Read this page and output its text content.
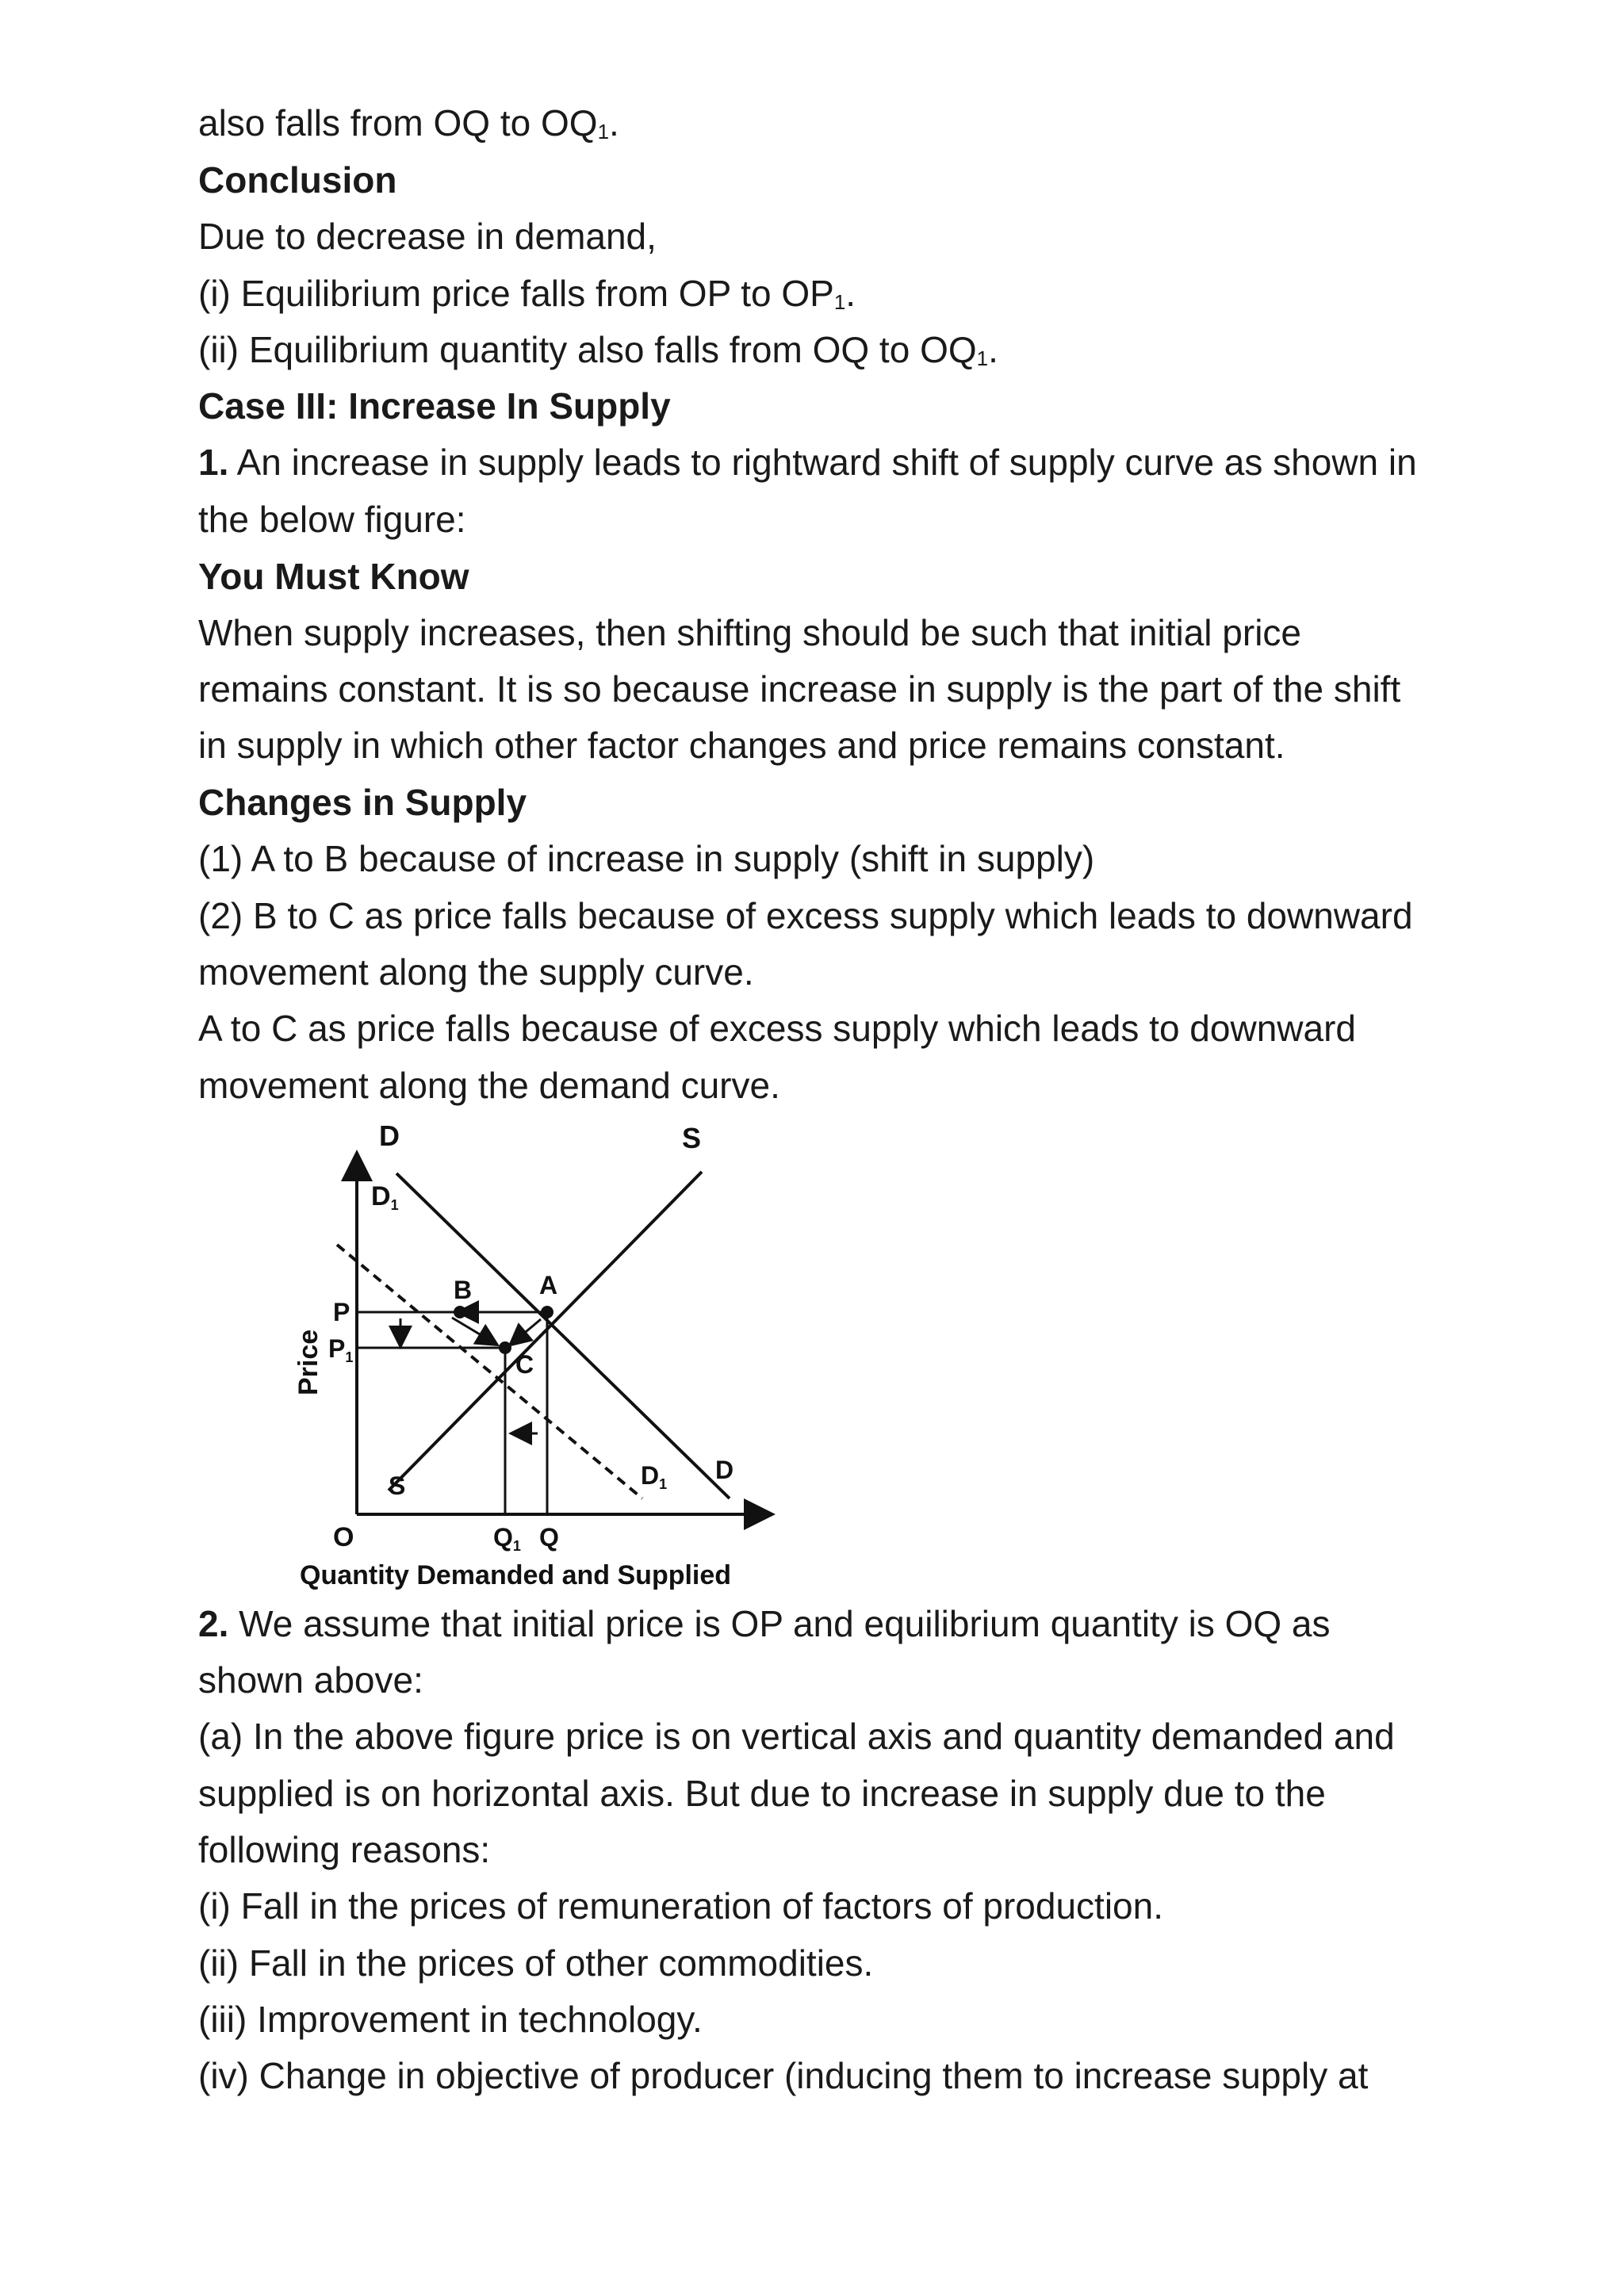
also falls from OQ to $OQ_1$.
Conclusion
Due to decrease in demand,
(i) Equilibrium price falls from OP to $OP_1$.
(ii) Equilibrium quantity also falls from OQ to $OQ_1$.
Case III: Increase In Supply
1. An increase in supply leads to rightward shift of supply curve as shown in
the below figure:
You Must Know
When supply increases, then shifting should be such that initial price
remains constant. It is so because increase in supply is the part of the shift
in supply in which other factor changes and price remains constant.
Changes in Supply
(1) A to B because of increase in supply (shift in supply)
(2) B to C as price falls because of excess supply which leads to downward
movement along the supply curve.
A to C as price falls because of excess supply which leads to downward
movement along the demand curve.
D	S
D1
B	A
C
P
P1
Price
S	D1 D
O	Q1 Q
Quantity Demanded and Supplied
2. We assume that initial price is OP and equilibrium quantity is OQ as
shown above:
(a) In the above figure price is on vertical axis and quantity demanded and
supplied is on horizontal axis. But due to increase in supply due to the
following reasons:
(i) Fall in the prices of remuneration of factors of production.
(ii) Fall in the prices of other commodities.
(iii) Improvement in technology.
(iv) Change in objective of producer (inducing them to increase supply at
